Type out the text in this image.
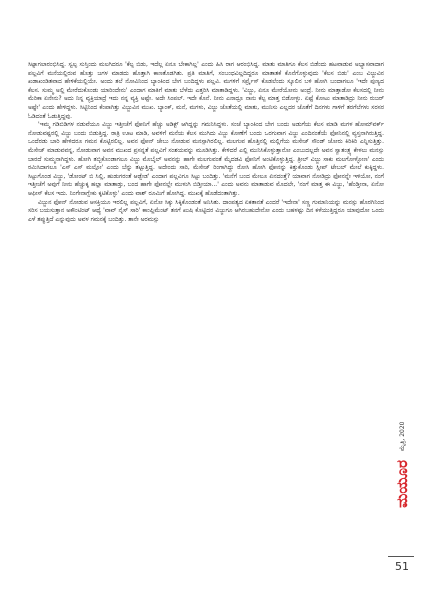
ಸಿಟ್ಟಾಗಲಾರಂಭಿಸಿದ್ದ. ಸ್ವಲ್ಪ ಸುಸ್ತಿಂದು ಮಲಗಿದರೂ 'ಕೆಲ್ಪ ಬಿಡು, ಇದೆಲ್ಲ ಏನೂ ಬೇಕಾಗಿಲ್ಲ' ಎಂದು ಹಿಸಿ ರಾಗ ಆರಂಭಿಸಿದ್ದ. ಮಾತು ಮಾತಿಗೂ ಕೆಲಸ ಬಿಡೆಂದು ಹಟವಾಡುವ ಅಭ್ಯಾಸವಾದಾಗ ಪಲ್ಲವಿಗೆ ಮನೆಯಲ್ಲಿರುವ ಹೊತ್ತು ಜಗಳ ಮಾಡದು ಹೊತ್ತಾಗಿ ಕಾಣತೊಡಗಿತು. ಪ್ರತಿ ಮಾತಿಗೆ, ಸಂಬಂಧವಿಲ್ಲದಿದ್ದರೂ ಮಾತಾತಕೆ ಕೊನೆಗೊಳ್ಳುವುದು 'ಕೆಲಸ ಬಿಡು' ಎಂಬ ವಿಜ್ಜುವಿನ ಖಡಾಖಂಡಿತವಾದ ಹೇಳಿಕೆಯಲ್ಲಿಯೇ. ಅಂದು ತಲೆ ನೋವಿನಿಂದ ಬ್ಯಾಂಕಿಂದ ಬೇಗ ಬಂದಿದ್ದಳು ಪಲ್ಲವಿ. ಮಗಳಿಗೆ ಸರ್ಪ್ರೈಸ್ ಕೊಡಲೆಂದು ಸ್ಕೂಲಿನ ಬಳಿ ಹೋಗಿ ಬಂದಾಗಲೂ 'ಇದೇ ಪುಣ್ಯದ ಕೆಲಸ. ಸುಮ್ಮ ಅಲ್ಲಿ ಮೇರೆದುಕೊಂಡು ಯಾರಿಂದೇನು' ಎಂದಾಗ ಮಾತಿಗೆ ಮಾತು ಬೆಳೆದು ಎತ್ತರಿಸಿ ಮಾತಾಡಿದ್ದಳು. 'ವಿಜ್ಜು, ಏನೂ ಮೇರೆಯೋನು ಅಂದ್ರೆ. ನೀನು ಮಾತ್ತಾಡೋ ಕೆಲಸದಲ್ಲಿ ನೀನು ಮೆರಿಕಾ ಏನೇನು? ಅದು ನಿನ್ನ ವ್ಯಕ್ತಿಯಾದ್ರೆ ಇದು ನನ್ನ ವ್ಯಕ್ತಿ ಅಷ್ಟೇ. ಅದೇ ಸಿಂಪಲ್. ಇದೇ ಕೊನೆ. ನೀನು ಎನಾದ್ರೂ ನಾನು ಕೆಲ್ಪ ಮಾತ್ತ ಬಿಡೋಳ್ಳು. ಏಷ್ಟೆ ಕೋಟು ಮಾತಾಡಿದ್ರು ನೀನು ರುಜರ್ ಅಷ್ಟೇ' ಎಂದು ಹೇಳಿದ್ದಳು. ಸಿಟ್ಟಿನಿಂದ ಕೆಂಪಾಗಿತ್ತು ವಿಜ್ಜುವಿನ ಮುಖ. ಬ್ಯಾಂಕ್, ಮನೆ, ಮಗಳು, ವಿಜ್ಜು ಜೊತೆಯಲ್ಲಿ ಮಾತು, ಮುನಿಸು ಎಲ್ಲದರ ಜೊತೆಗೆ ದಿನಗಳು ಗಾಳಿಗೆ ತರಗೆಲೆಗಳು ಸರಸರ ಓಡಿದಂತೆ ಓಡುತ್ತಿದ್ದವು.

'ಇಮ್ಮ ಗಡಿಬಿಡಿಗಳ ನಡುವೆಯೂ ವಿಜ್ಜು ಇತ್ತೀಚೆಗೆ ಫೋನಿಗೆ ಹೆಚ್ಚು ಅಡಿಕ್ಟ್ ಆಗಿದ್ದನ್ನು ಗಮನಿಸಿದ್ದಳು. ಸಂಜೆ ಬ್ಯಾಂಕಿಂದ ಬೇಗ ಬಂದು ಅಡುಗೆಯ ಕೆಲಸ ಮಾಡಿ ಮಗಳ ಹೋಮ್‌ವರ್ಕ್ ನೋಡುವಷ್ಟರಲ್ಲಿ ವಿಜ್ಜು ಬಂದು ಬಿಡುತ್ತಿದ್ದ. ರಾತ್ರಿ ಊಟ ಮಾಡಿ, ಅವಳಿಗೆ ಮನೆಯ ಕೆಲಸ ಮುಗಿದು ವಿಜ್ಜು ಕೋಣೆಗೆ ಬಂದು ಒರಗುವಾಗ ವಿಜ್ಜು ಎಂದಿನಂತೆಯೆ ಫೋನಿನಲ್ಲಿ ವ್ಯಸ್ತನಾಗಿರುತ್ತಿದ್ದ. ಒಂದೆರಡು ಬಾರಿ ಹೇಳಿದರೂ ಗಮನ ಕೊಟ್ಟಿರಲಿಲ್ಲ. ಅವನ ಫೋನ್ ಜೇಬು ನೋಡುವ ಮನಸ್ಸಾಗಿರಲಿಲ್ಲ. ಮಲಗುವ ಹೊತ್ತಿನಲ್ಲಿ ಮಲ್ಲಿಗೆಯ ಮಸೇಜ್ ಸೌಂಡ್ ಜೋರು ಕಿರಿಕಿರಿ ಎನ್ನಿಸುತ್ತಿತ್ತು. ಮೆಸೇಜ್ ಮಾಡುವವನ್ನ, ನೋಡುವಾಗ ಅವನ ಮುಖದ ಪ್ರಸನ್ನತೆ ಪಲ್ಲವಿಗೆ ಸಂಶಯವನ್ನು ಮೂಡಿಸಿತ್ತು. ಕೇಳಿದರೆ ಎಲ್ಲಿ ಮುನಿಸಿಕೊಳ್ಳುತ್ತಾನೋ ಎಂಬುದಲ್ಲದೇ ಅವನ ಸ್ವಾತಂತ್ರ್ಯ ಕೇಳಲು ಮನಸ್ಸು ಬಾರದೆ ಸುಮ್ಮನಾಗಿದ್ದಳು. ಹೋಗಿ ತಬ್ಬಿಕೊಂಡಾಗಲೂ ವಿಜ್ಜು ಮೊಬೈಲ್ ಅವನನ್ನು ಹಾಗೇ ಮಲಗುವಂತೆ ಮೈದಡವಿ ಫೋನಿಗೆ ಅಂಟಿಕೊಳ್ಳುತ್ತಿದ್ದ. ತ್ರೀಲ್ ವಿಜ್ಜು ಸಾಕು ಮಲಗೋಳ್ಳೋಣ' ಎಂದು ರಮಿಸಿದಾಗಲೂ 'ಎಸ್ ಎಸ್ ಮಲ್ಗೋ' ಎಂದು ಬೆನ್ನು ತಟ್ಟುತ್ತಿದ್ದ. ಅದೇಂದು ಸಾರಿ, ಮೆಸೇಜ್ ರಿಂಗಾಗಿದ್ದು ರೋಸಿ ಹೋಗಿ ಫೋನನ್ನು ಕಿತ್ತುಕೊಂಡು ಸ್ಲೀಪ್ ಟೇಬಲ್ ಮೇಲೆ ಕುಕ್ಕಿದ್ದಳು. ಸಿಟ್ಟುಗೊಂಡ ವಿಜ್ಜು, 'ಡೋಂಟ್ ಬಿ ಸಿಲ್ಲಿ, ಹುಡುಗರಂತೆ ಆಡ್ಬೇಡ' ಎಂದಾಗ ಪಲ್ಲವಿಗೂ ಸಿಟ್ಟು ಬಂದಿತ್ತು. 'ಮನೆಗೆ ಬಂದ ಮೇಲೂ ಏನದಂತ್ತೆ? ಯಾವಾಗ ನೋಡಿದ್ರು ಫೋನನ್ನೇ ಇಳಿಯೋ, ನಂಗೆ ಇತ್ತೀಚೆಗೆ ಅವುಗೆ ನೀನು ಹೆಚ್ಚುಕ್ಕ ಹಲ್ಲಾ ಮಾತಾಡ್ತು, ಬಂದ ಹಾಗೇ ಫೋನಲ್ಲೇ ಮುಳುಗಿ ಬಿಡ್ತೀಯಾ...' ಎಂದು ಅವನು ಮಾತಾಡುವ ಮೊದಲೇ, 'ನಂಗೆ ಮಾತ್ತ ಈ ವಿಜ್ಜು, 'ಹೆಂಡ್ತೀನಾ, ಏನೋ ಆಫೀಸ್ ಕೆಲಸ ಇದು. ನಿಂಗೇನಾಗ್ಬೇಕು ಕ್ಕಟಿಕೊಳ್ಳು' ಎಂದು ವಾಶ್ ರೂಮಿಗೆ ಹೋಗಿದ್ದ. ಮುಖಕ್ಕೆ ಹೊಡೆದಂತಾಗಿತ್ತು.

ವಿಜ್ಜುನ ಫೋನ್ ನೋಡುವ ಆಸಕ್ತಿಯೂ ಇರಲಿಲ್ಲ ಪಲ್ಲವಿಗೆ, ಏನೋ ಸಿಕ್ಕು ಸಿಕ್ಕಿಕೊಂಡಂತೆ ಅನಿಸಿತು. ದಾಂಪತ್ಯದ ಏಕತಾನತೆ ಎಂದರೆ 'ಇದೇನಾ' ಸಣ್ಣ ಗುಮಾನಿಯನ್ನು ಮನಸ್ಸು ಹೊರಗಿನಿಂದ ಸರಿಸ ಬಯಸುತ್ತಾನ ಅಕೌಂಟಿಂಟ್ ಆಥ್ಯೆ 'ವಾವ್ ನೈಸ್ ಸಾರಿ' ಕಾಂಪ್ಲಿಮೆಂಟ್ ತನಗೆ ಖುಷಿ ಕೊಟ್ಟಿದರ ವಿಜ್ಜುಗೂ ಆಗಿರಬಹುದೇನೋ ಎಂದು ಬಹಳಷ್ಟು ದಿನ ಕಳೆಯುತ್ತಿದ್ದರೂ ಯಾವುದೋ ಒಂದು ಎಳೆ ತಪ್ಪುತ್ತಿದೆ ಎನ್ನುವುದು ಅವಳ ಗಮನಕ್ಕೆ ಬಂದಿತ್ತು. ತಾನೇ ಅರಮಸ್ಸು

ಮೈತ್ರಿ, 2020
ಮಯೂರ
51
